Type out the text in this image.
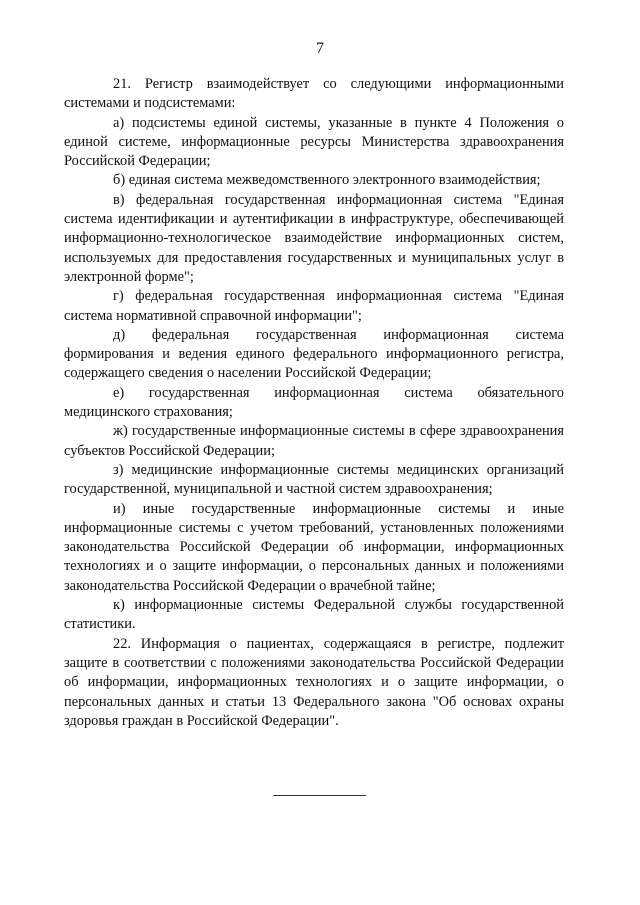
7

21. Регистр взаимодействует со следующими информационными системами и подсистемами:

а) подсистемы единой системы, указанные в пункте 4 Положения о единой системе, информационные ресурсы Министерства здравоохранения Российской Федерации;

б) единая система межведомственного электронного взаимодействия;

в) федеральная государственная информационная система "Единая система идентификации и аутентификации в инфраструктуре, обеспечивающей информационно-технологическое взаимодействие информационных систем, используемых для предоставления государственных и муниципальных услуг в электронной форме";

г) федеральная государственная информационная система "Единая система нормативной справочной информации";

д) федеральная государственная информационная система формирования и ведения единого федерального информационного регистра, содержащего сведения о населении Российской Федерации;

е) государственная информационная система обязательного медицинского страхования;

ж) государственные информационные системы в сфере здравоохранения субъектов Российской Федерации;

з) медицинские информационные системы медицинских организаций государственной, муниципальной и частной систем здравоохранения;

и) иные государственные информационные системы и иные информационные системы с учетом требований, установленных положениями законодательства Российской Федерации об информации, информационных технологиях и о защите информации, о персональных данных и положениями законодательства Российской Федерации о врачебной тайне;

к) информационные системы Федеральной службы государственной статистики.

22. Информация о пациентах, содержащаяся в регистре, подлежит защите в соответствии с положениями законодательства Российской Федерации об информации, информационных технологиях и о защите информации, о персональных данных и статьи 13 Федерального закона "Об основах охраны здоровья граждан в Российской Федерации".
